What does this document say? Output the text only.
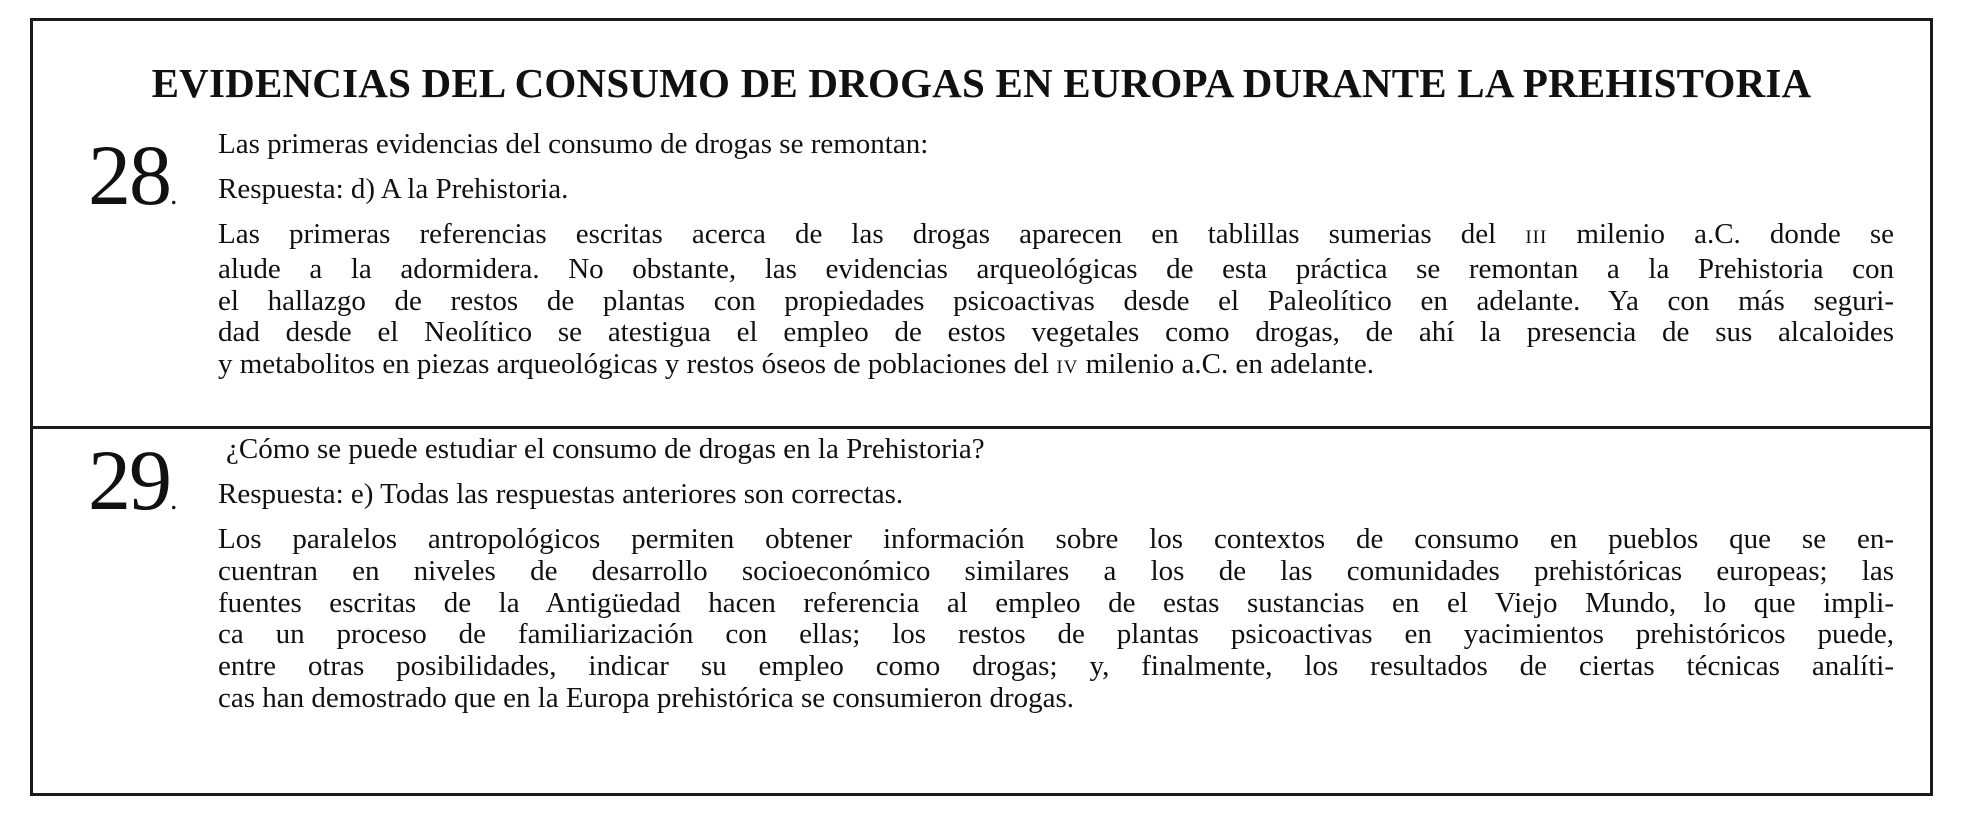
EVIDENCIAS DEL CONSUMO DE DROGAS EN EUROPA DURANTE LA PREHISTORIA
28.
Las primeras evidencias del consumo de drogas se remontan:
Respuesta: d) A la Prehistoria.
Las primeras referencias escritas acerca de las drogas aparecen en tablillas sumerias del III milenio a.C. donde se
alude a la adormidera. No obstante, las evidencias arqueológicas de esta práctica se remontan a la Prehistoria con
el hallazgo de restos de plantas con propiedades psicoactivas desde el Paleolítico en adelante. Ya con más seguri-
dad desde el Neolítico se atestigua el empleo de estos vegetales como drogas, de ahí la presencia de sus alcaloides
y metabolitos en piezas arqueológicas y restos óseos de poblaciones del IV milenio a.C. en adelante.
29.
¿Cómo se puede estudiar el consumo de drogas en la Prehistoria?
Respuesta: e) Todas las respuestas anteriores son correctas.
Los paralelos antropológicos permiten obtener información sobre los contextos de consumo en pueblos que se en-
cuentran en niveles de desarrollo socioeconómico similares a los de las comunidades prehistóricas europeas; las
fuentes escritas de la Antigüedad hacen referencia al empleo de estas sustancias en el Viejo Mundo, lo que impli-
ca un proceso de familiarización con ellas; los restos de plantas psicoactivas en yacimientos prehistóricos puede,
entre otras posibilidades, indicar su empleo como drogas; y, finalmente, los resultados de ciertas técnicas analíti-
cas han demostrado que en la Europa prehistórica se consumieron drogas.
